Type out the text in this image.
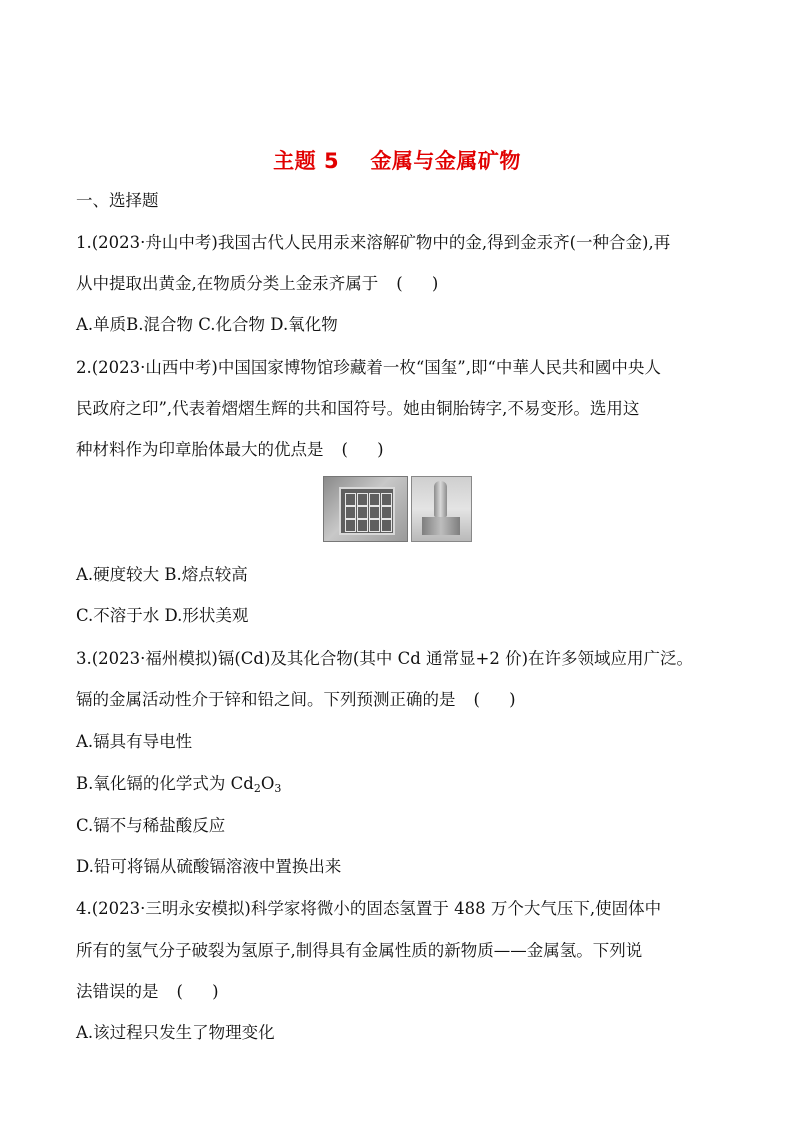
主题 5    金属与金属矿物
一、选择题
1.(2023·舟山中考)我国古代人民用汞来溶解矿物中的金,得到金汞齐(一种合金),再
从中提取出黄金,在物质分类上金汞齐属于 ( )
A.单质B.混合物 C.化合物 D.氧化物
2.(2023·山西中考)中国国家博物馆珍藏着一枚“国玺”,即“中華人民共和國中央人
民政府之印”,代表着熠熠生辉的共和国符号。她由铜胎铸字,不易变形。选用这
种材料作为印章胎体最大的优点是 ( )
A.硬度较大 B.熔点较高
C.不溶于水 D.形状美观
3.(2023·福州模拟)镉(Cd)及其化合物(其中 Cd 通常显+2 价)在许多领域应用广泛。
镉的金属活动性介于锌和铅之间。下列预测正确的是 ( )
A.镉具有导电性
B.氧化镉的化学式为 $Cd_2O_3$
C.镉不与稀盐酸反应
D.铅可将镉从硫酸镉溶液中置换出来
4.(2023·三明永安模拟)科学家将微小的固态氢置于 488 万个大气压下,使固体中
所有的氢气分子破裂为氢原子,制得具有金属性质的新物质——金属氢。下列说
法错误的是 ( )
A.该过程只发生了物理变化
